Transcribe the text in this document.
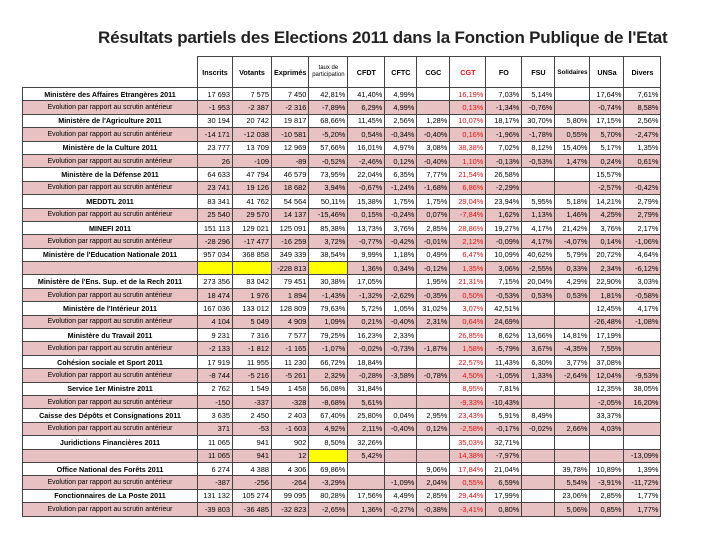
Résultats partiels des Elections 2011 dans la Fonction Publique de l'Etat
	Inscrits	Votants	Exprimés	taux de participation	CFDT	CFTC	CGC	CGT	FO	FSU	Solidaires	UNSa	Divers
Ministère des Affaires Etrangères 2011	17 693	7 575	7 450	42,81%	41,40%	4,99%		16,19%	7,03%	5,14%		17,64%	7,61%
Evolution par rapport au scrutin antérieur	-1 953	-2 387	-2 316	-7,89%	6,29%	4,99%		0,13%	-1,34%	-0,76%		-0,74%	8,58%
Ministère de l'Agriculture 2011	30 194	20 742	19 817	68,66%	11,45%	2,56%	1,28%	10,07%	18,17%	30,70%	5,80%	17,15%	2,56%
Evolution par rapport au scrutin antérieur	-14 171	-12 038	-10 581	-5,20%	0,54%	-0,34%	-0,40%	0,16%	-1,96%	-1,78%	0,55%	5,70%	-2,47%
Ministère de la Culture 2011	23 777	13 709	12 969	57,66%	16,01%	4,97%	3,08%	38,38%	7,02%	8,12%	15,40%	5,17%	1,35%
Evolution par rapport au scrutin antérieur	26	-109	-89	-0,52%	-2,46%	0,12%	-0,40%	1,10%	-0,13%	-0,53%	1,47%	0,24%	0,61%
Ministère de la Défense 2011	64 633	47 794	46 579	73,95%	22,04%	6,35%	7,77%	21,54%	26,58%			15,57%	
Evolution par rapport au scrutin antérieur	23 741	19 126	18 682	3,94%	-0,67%	-1,24%	-1,68%	6,86%	-2,29%			-2,57%	-0,42%
MEDDTL 2011	83 341	41 762	54 564	50,11%	15,38%	1,75%	1,75%	29,04%	23,94%	5,95%	5,18%	14,21%	2,79%
Evolution par rapport au scrutin antérieur	25 540	29 570	14 137	-15,46%	0,15%	-0,24%	0,07%	-7,84%	1,62%	1,13%	1,46%	4,25%	2,79%
MINEFI 2011	151 113	129 021	125 091	85,38%	13,73%	3,76%	2,85%	28,86%	19,27%	4,17%	21,42%	3,76%	2,17%
Evolution par rapport au scrutin antérieur	-28 296	-17 477	-16 259	3,72%	-0,77%	-0,42%	-0,01%	2,12%	-0,09%	4,17%	-4,07%	0,14%	-1,06%
Ministère de l'Education Nationale 2011	957 034	368 858	349 339	38,54%	9,99%	1,18%	0,49%	6,47%	10,09%	40,62%	5,79%	20,72%	4,64%
			-228 813		1,36%	0,34%	-0,12%	1,35%	3,06%	-2,55%	0,33%	2,34%	-6,12%
Ministère de l'Ens. Sup. et de la Rech 2011	273 356	83 042	79 451	30,38%	17,05%		1,95%	21,31%	7,15%	20,04%	4,29%	22,90%	3,03%
Evolution par rapport au scrutin antérieur	18 474	1 976	1 894	-1,43%	-1,32%	-2,62%	-0,35%	0,50%	-0,53%	0,53%	0,53%	1,81%	-0,58%
Ministère de l'Intérieur 2011	167 036	133 012	128 809	79,63%	5,72%	1,05%	31,02%	3,07%	42,51%			12,45%	4,17%
Evolution par rapport au scrutin antérieur	4 104	5 049	4 909	1,09%	0,21%	-0,40%	2,31%	0,64%	24,69%			-26,48%	-1,08%
Ministère du Travail 2011	9 231	7 316	7 577	79,25%	16,23%	2,33%		26,85%	8,62%	13,66%	14,81%	17,19%	
Evolution par rapport au scrutin antérieur	-2 133	-1 812	-1 165	-1,07%	-0,02%	-0,73%	-1,87%	1,58%	-5,79%	3,67%	-4,35%	7,55%	
Cohésion sociale et Sport 2011	17 919	11 955	11 230	66,72%	18,84%			22,57%	11,43%	6,30%	3,77%	37,08%	
Evolution par rapport au scrutin antérieur	-8 744	-5 216	-5 261	2,32%	-0,28%	-3,58%	-0,78%	4,50%	-1,05%	1,33%	-2,64%	12,04%	-9,53%
Service 1er Ministre 2011	2 762	1 549	1 458	56,08%	31,84%			8,95%	7,81%			12,35%	38,05%
Evolution par rapport au scrutin antérieur	-150	-337	-328	-8,68%	5,61%			-9,33%	-10,43%			-2,05%	16,20%
Caisse des Dépôts et Consignations 2011	3 635	2 450	2 403	67,40%	25,80%	0,04%	2,95%	23,43%	5,91%	8,49%		33,37%	
Evolution par rapport au scrutin antérieur	371	-53	-1 603	4,92%	2,11%	-0,40%	0,12%	-2,58%	-0,17%	-0,02%	2,66%	4,03%	
Juridictions Financières 2011	11 065	941	902	8,50%	32,26%			35,03%	32,71%				
	11 065	941	12		5,42%			14,38%	-7,97%				-13,09%
Office National des Forêts 2011	6 274	4 388	4 306	69,86%			9,06%	17,84%	21,04%		39,78%	10,89%	1,39%
Evolution par rapport au scrutin antérieur	-387	-256	-264	-3,29%		-1,09%	2,04%	0,55%	6,59%		5,54%	-3,91%	-11,72%
Fonctionnaires de La Poste 2011	131 132	105 274	99 095	80,28%	17,56%	4,49%	2,85%	29,44%	17,99%		23,06%	2,85%	1,77%
Evolution par rapport au scrutin antérieur	-39 803	-36 485	-32 823	-2,65%	1,36%	-0,27%	-0,38%	-3,41%	0,80%		5,06%	0,85%	1,77%
